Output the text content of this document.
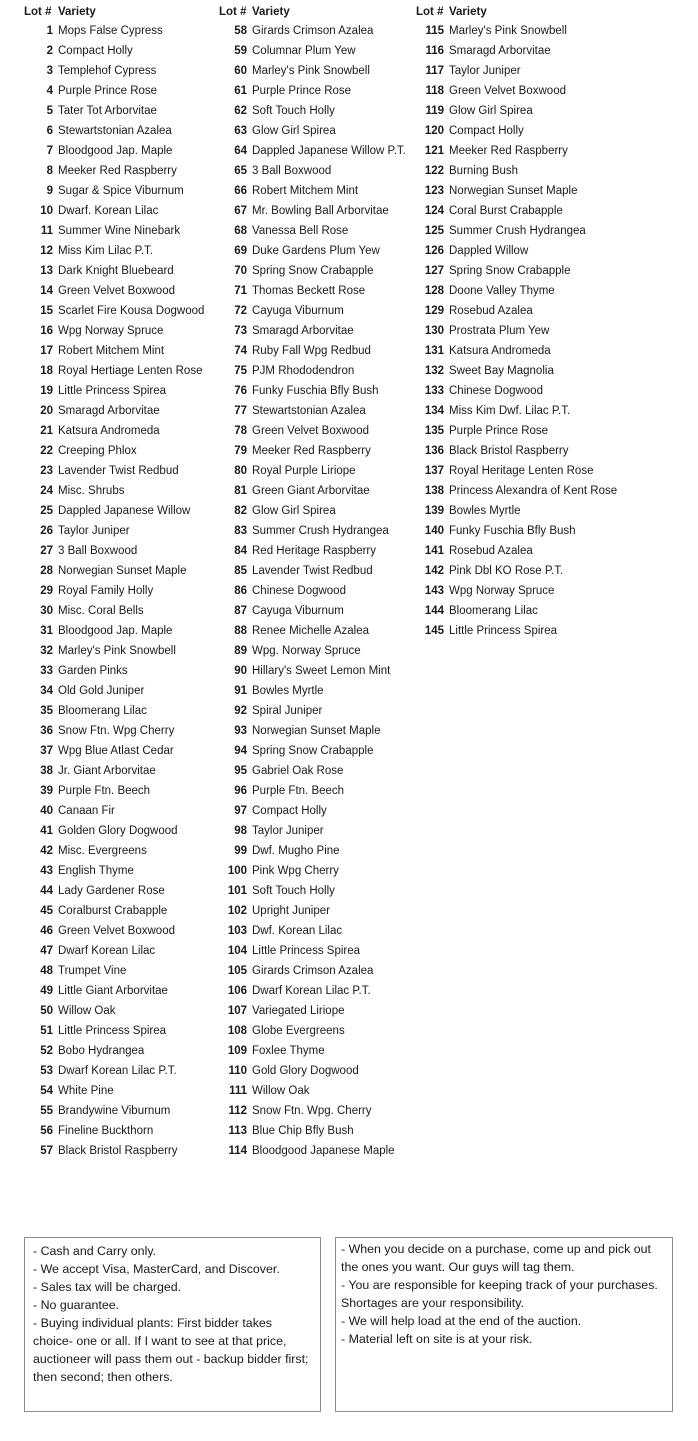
Lot # Variety
1 Mops False Cypress
2 Compact Holly
3 Templehof Cypress
4 Purple Prince Rose
5 Tater Tot Arborvitae
6 Stewartstonian Azalea
7 Bloodgood Jap. Maple
8 Meeker Red Raspberry
9 Sugar & Spice Viburnum
10 Dwarf. Korean Lilac
11 Summer Wine Ninebark
12 Miss Kim Lilac P.T.
13 Dark Knight Bluebeard
14 Green Velvet Boxwood
15 Scarlet Fire Kousa Dogwood
16 Wpg Norway Spruce
17 Robert Mitchem Mint
18 Royal Hertiage Lenten Rose
19 Little Princess Spirea
20 Smaragd Arborvitae
21 Katsura Andromeda
22 Creeping Phlox
23 Lavender Twist Redbud
24 Misc. Shrubs
25 Dappled Japanese Willow
26 Taylor Juniper
27 3 Ball Boxwood
28 Norwegian Sunset Maple
29 Royal Family Holly
30 Misc. Coral Bells
31 Bloodgood Jap. Maple
32 Marley's Pink Snowbell
33 Garden Pinks
34 Old Gold Juniper
35 Bloomerang Lilac
36 Snow Ftn. Wpg Cherry
37 Wpg Blue Atlast Cedar
38 Jr. Giant Arborvitae
39 Purple Ftn. Beech
40 Canaan Fir
41 Golden Glory Dogwood
42 Misc. Evergreens
43 English Thyme
44 Lady Gardener Rose
45 Coralburst Crabapple
46 Green Velvet Boxwood
47 Dwarf Korean Lilac
48 Trumpet Vine
49 Little Giant Arborvitae
50 Willow Oak
51 Little Princess Spirea
52 Bobo Hydrangea
53 Dwarf Korean Lilac P.T.
54 White Pine
55 Brandywine Viburnum
56 Fineline Buckthorn
57 Black Bristol Raspberry
Lot # Variety
58 Girards Crimson Azalea
59 Columnar Plum Yew
60 Marley's Pink Snowbell
61 Purple Prince Rose
62 Soft Touch Holly
63 Glow Girl Spirea
64 Dappled Japanese Willow P.T.
65 3 Ball Boxwood
66 Robert Mitchem Mint
67 Mr. Bowling Ball Arborvitae
68 Vanessa Bell Rose
69 Duke Gardens Plum Yew
70 Spring Snow Crabapple
71 Thomas Beckett Rose
72 Cayuga Viburnum
73 Smaragd Arborvitae
74 Ruby Fall Wpg Redbud
75 PJM Rhododendron
76 Funky Fuschia Bfly Bush
77 Stewartstonian Azalea
78 Green Velvet Boxwood
79 Meeker Red Raspberry
80 Royal Purple Liriope
81 Green Giant Arborvitae
82 Glow Girl Spirea
83 Summer Crush Hydrangea
84 Red Heritage Raspberry
85 Lavender Twist Redbud
86 Chinese Dogwood
87 Cayuga Viburnum
88 Renee Michelle Azalea
89 Wpg. Norway Spruce
90 Hillary's Sweet Lemon Mint
91 Bowles Myrtle
92 Spiral Juniper
93 Norwegian Sunset Maple
94 Spring Snow Crabapple
95 Gabriel Oak Rose
96 Purple Ftn. Beech
97 Compact Holly
98 Taylor Juniper
99 Dwf. Mugho Pine
100 Pink Wpg Cherry
101 Soft Touch Holly
102 Upright Juniper
103 Dwf. Korean Lilac
104 Little Princess Spirea
105 Girards Crimson Azalea
106 Dwarf Korean Lilac P.T.
107 Variegated Liriope
108 Globe Evergreens
109 Foxlee Thyme
110 Gold Glory Dogwood
111 Willow Oak
112 Snow Ftn. Wpg. Cherry
113 Blue Chip Bfly Bush
114 Bloodgood Japanese Maple
Lot # Variety
115 Marley's Pink Snowbell
116 Smaragd Arborvitae
117 Taylor Juniper
118 Green Velvet Boxwood
119 Glow Girl Spirea
120 Compact Holly
121 Meeker Red Raspberry
122 Burning Bush
123 Norwegian Sunset Maple
124 Coral Burst Crabapple
125 Summer Crush Hydrangea
126 Dappled Willow
127 Spring Snow Crabapple
128 Doone Valley Thyme
129 Rosebud Azalea
130 Prostrata Plum Yew
131 Katsura Andromeda
132 Sweet Bay Magnolia
133 Chinese Dogwood
134 Miss Kim Dwf. Lilac P.T.
135 Purple Prince Rose
136 Black Bristol Raspberry
137 Royal Heritage Lenten Rose
138 Princess Alexandra of Kent Rose
139 Bowles Myrtle
140 Funky Fuschia Bfly Bush
141 Rosebud Azalea
142 Pink Dbl KO Rose P.T.
143 Wpg Norway Spruce
144 Bloomerang Lilac
145 Little Princess Spirea
- Cash and Carry only.
- We accept Visa, MasterCard, and Discover.
- Sales tax will be charged.
- No guarantee.
- Buying individual plants: First bidder takes choice- one or all. If I want to see at that price, auctioneer will pass them out - backup bidder first; then second; then others.
- When you decide on a purchase, come up and pick out the ones you want. Our guys will tag them.
- You are responsible for keeping track of your purchases. Shortages are your responsibility.
- We will help load at the end of the auction.
- Material left on site is at your risk.
